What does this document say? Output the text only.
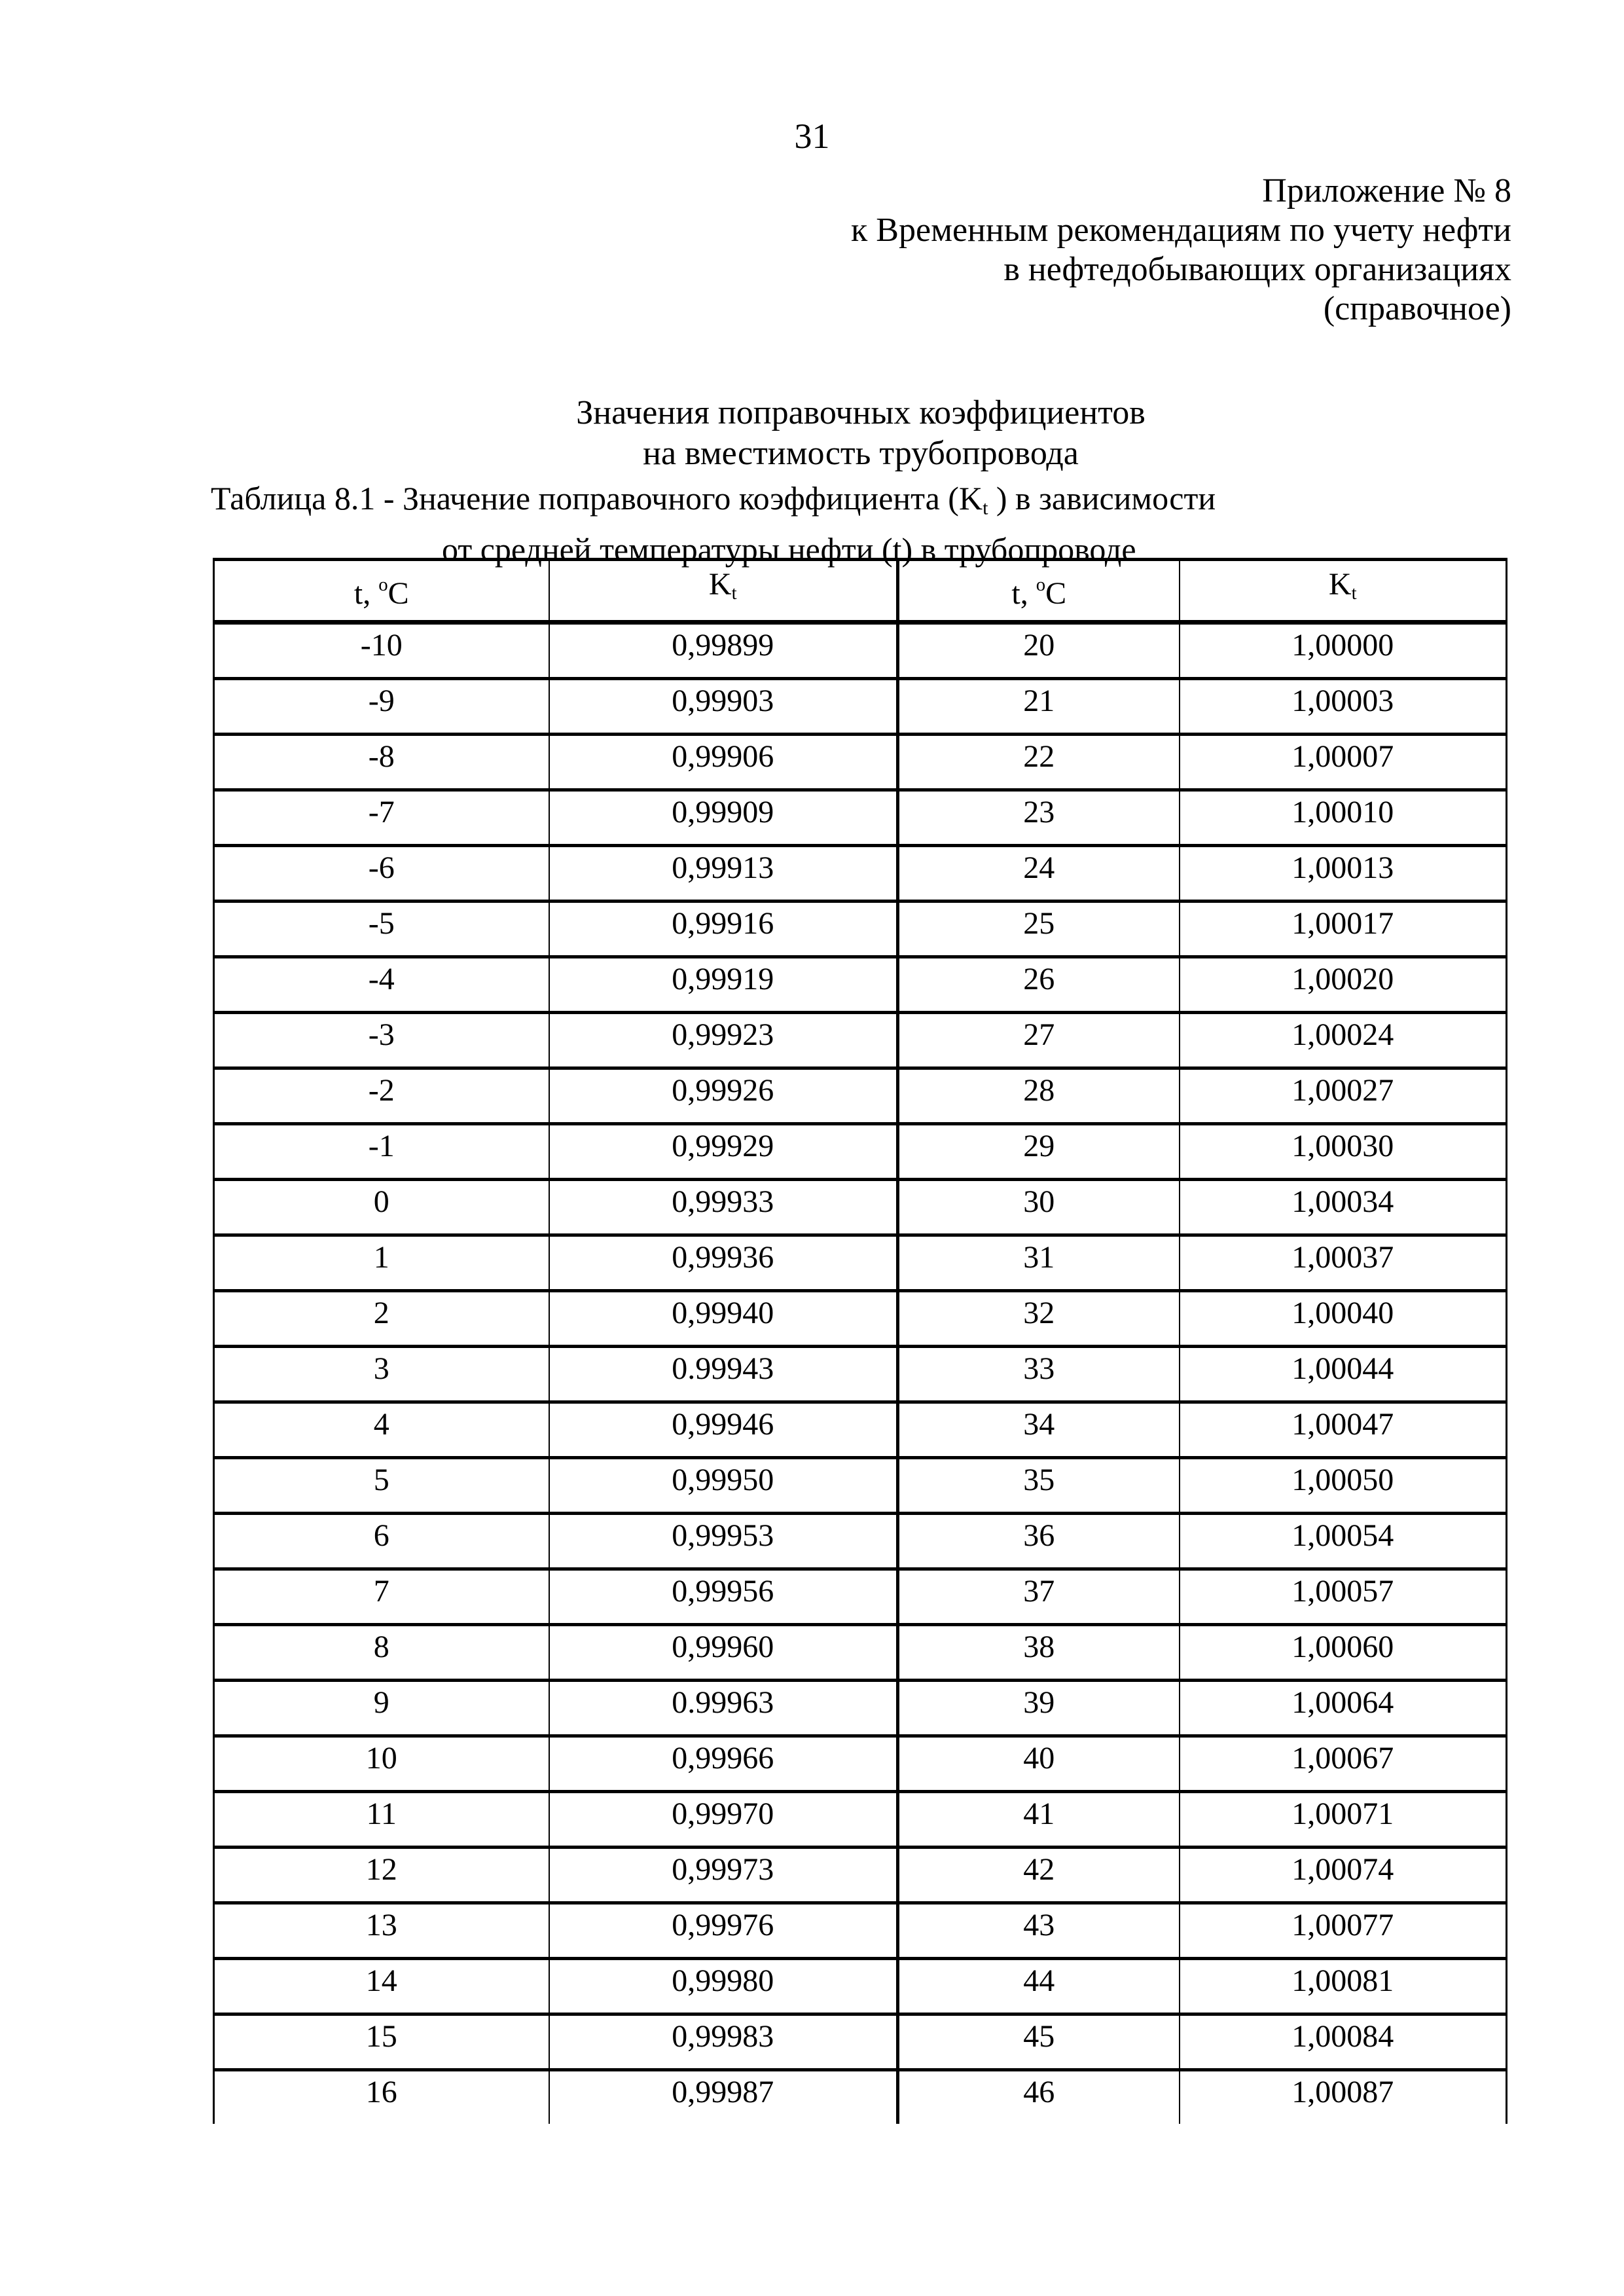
31
Приложение № 8
к Временным рекомендациям по учету нефти
в нефтедобывающих организациях
(справочное)
Значения поправочных коэффициентов
на вместимость трубопровода
Таблица 8.1 - Значение поправочного коэффициента ($K_t$ ) в зависимости
от средней температуры нефти (t) в трубопроводе
t, $^o$C	$K_t$	t, $^o$C	$K_t$
-10	0,99899	20	1,00000
-9	0,99903	21	1,00003
-8	0,99906	22	1,00007
-7	0,99909	23	1,00010
-6	0,99913	24	1,00013
-5	0,99916	25	1,00017
-4	0,99919	26	1,00020
-3	0,99923	27	1,00024
-2	0,99926	28	1,00027
-1	0,99929	29	1,00030
0	0,99933	30	1,00034
1	0,99936	31	1,00037
2	0,99940	32	1,00040
3	0.99943	33	1,00044
4	0,99946	34	1,00047
5	0,99950	35	1,00050
6	0,99953	36	1,00054
7	0,99956	37	1,00057
8	0,99960	38	1,00060
9	0.99963	39	1,00064
10	0,99966	40	1,00067
11	0,99970	41	1,00071
12	0,99973	42	1,00074
13	0,99976	43	1,00077
14	0,99980	44	1,00081
15	0,99983	45	1,00084
16	0,99987	46	1,00087
